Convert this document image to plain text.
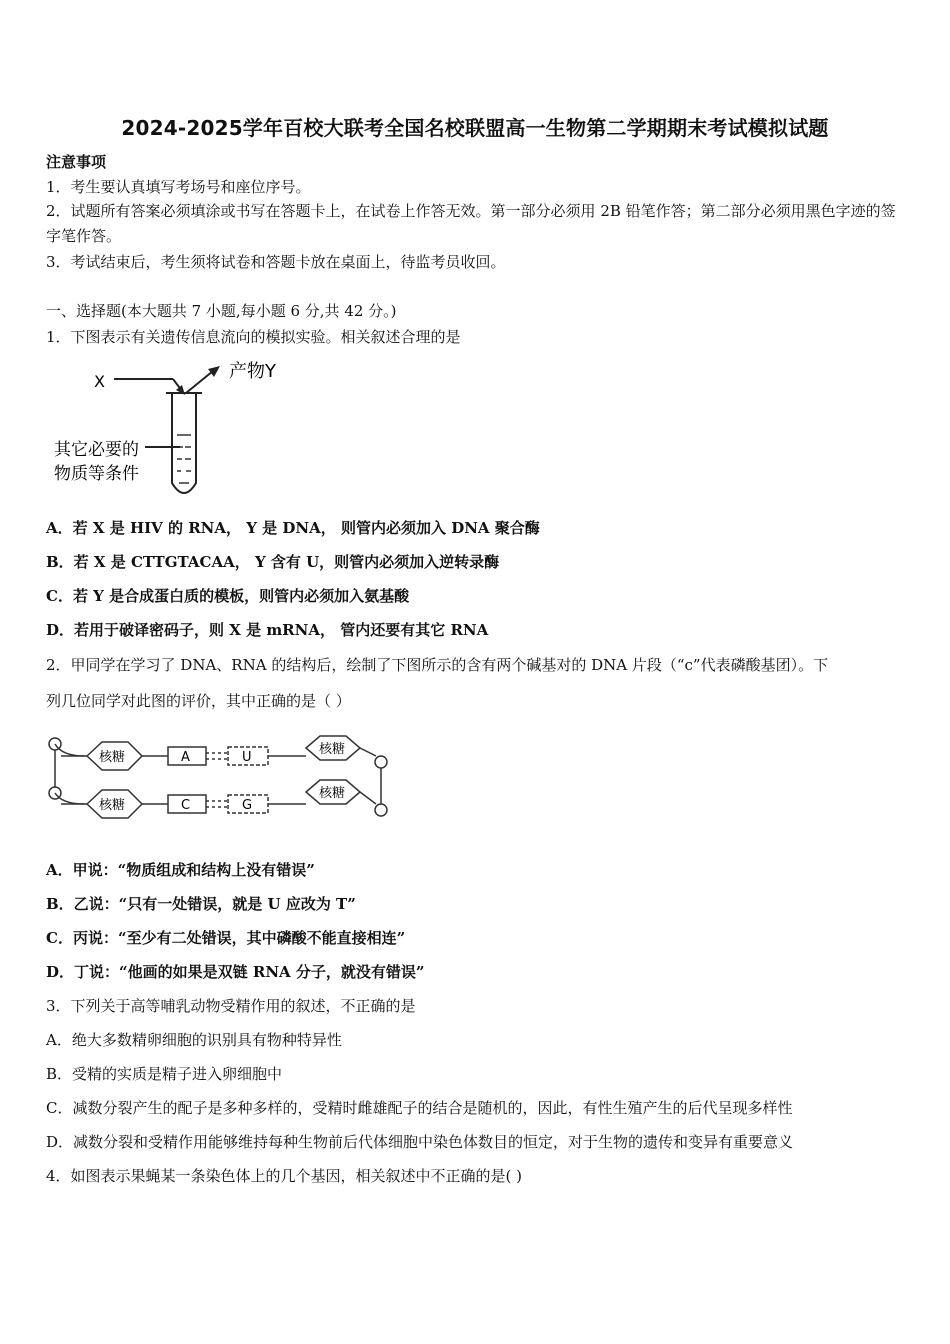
2024-2025学年百校大联考全国名校联盟高一生物第二学期期末考试模拟试题
注意事项
1．考生要认真填写考场号和座位序号。
2．试题所有答案必须填涂或书写在答题卡上，在试卷上作答无效。第一部分必须用 2B 铅笔作答；第二部分必须用黑色字迹的签字笔作答。
3．考试结束后，考生须将试卷和答题卡放在桌面上，待监考员收回。
一、选择题(本大题共 7 小题,每小题 6 分,共 42 分。)
1．下图表示有关遗传信息流向的模拟实验。相关叙述合理的是
X	产物Y
其它必要的
物质等条件
A．若 X 是 HIV 的 RNA， Y 是 DNA， 则管内必须加入 DNA 聚合酶
B．若 X 是 CTTGTACAA， Y 含有 U，则管内必须加入逆转录酶
C．若 Y 是合成蛋白质的模板，则管内必须加入氨基酸
D．若用于破译密码子，则 X 是 mRNA， 管内还要有其它 RNA
2．甲同学在学习了 DNA、RNA 的结构后，绘制了下图所示的含有两个碱基对的 DNA 片段（“c”代表磷酸基团）。下
列几位同学对此图的评价，其中正确的是（ ）
核糖
核糖
核糖
核糖
A	U
C	G
A．甲说：“物质组成和结构上没有错误”
B．乙说：“只有一处错误，就是 U 应改为 T”
C．丙说：“至少有二处错误，其中磷酸不能直接相连”
D．丁说：“他画的如果是双链 RNA 分子，就没有错误”
3．下列关于高等哺乳动物受精作用的叙述，不正确的是
A．绝大多数精卵细胞的识别具有物种特异性
B．受精的实质是精子进入卵细胞中
C．减数分裂产生的配子是多种多样的，受精时雌雄配子的结合是随机的，因此，有性生殖产生的后代呈现多样性
D．减数分裂和受精作用能够维持每种生物前后代体细胞中染色体数目的恒定，对于生物的遗传和变异有重要意义
4．如图表示果蝇某一条染色体上的几个基因，相关叙述中不正确的是( )
